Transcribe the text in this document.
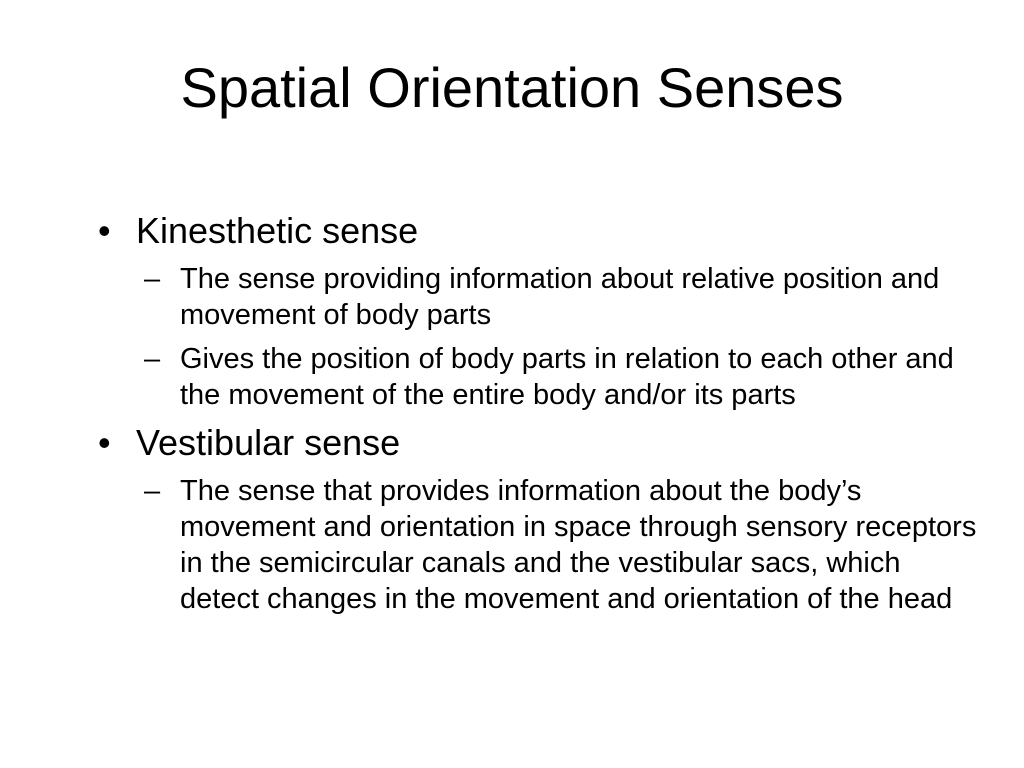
Spatial Orientation Senses
• Kinesthetic sense
– The sense providing information about relative position and movement of body parts
– Gives the position of body parts in relation to each other and the movement of the entire body and/or its parts
• Vestibular sense
– The sense that provides information about the body’s movement and orientation in space through sensory receptors in the semicircular canals and the vestibular sacs, which detect changes in the movement and orientation of the head
